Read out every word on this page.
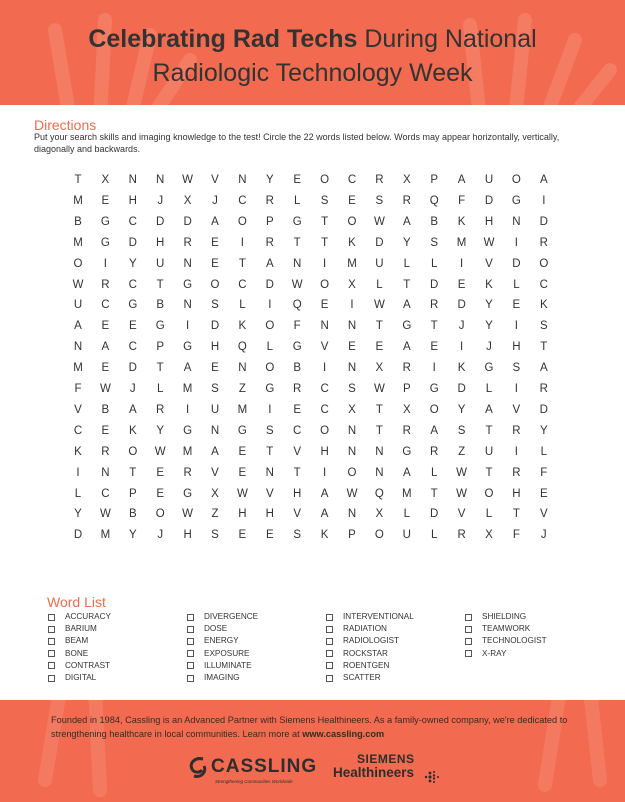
Celebrating Rad Techs During National
Radiologic Technology Week
Directions
Put your search skills and imaging knowledge to the test! Circle the 22 words listed below. Words may appear horizontally, vertically, diagonally and backwards.
T	X	N	N	W	V	N	Y	E	O	C	R	X	P	A	U	O	A
M	E	H	J	X	J	C	R	L	S	E	S	R	Q	F	D	G	I
B	G	C	D	D	A	O	P	G	T	O	W	A	B	K	H	N	D
M	G	D	H	R	E	I	R	T	T	K	D	Y	S	M	W	I	R
O	I	Y	U	N	E	T	A	N	I	M	U	L	L	I	V	D	O
W	R	C	T	G	O	C	D	W	O	X	L	T	D	E	K	L	C
U	C	G	B	N	S	L	I	Q	E	I	W	A	R	D	Y	E	K
A	E	E	G	I	D	K	O	F	N	N	T	G	T	J	Y	I	S
N	A	C	P	G	H	Q	L	G	V	E	E	A	E	I	J	H	T
M	E	D	T	A	E	N	O	B	I	N	X	R	I	K	G	S	A
F	W	J	L	M	S	Z	G	R	C	S	W	P	G	D	L	I	R
V	B	A	R	I	U	M	I	E	C	X	T	X	O	Y	A	V	D
C	E	K	Y	G	N	G	S	C	O	N	T	R	A	S	T	R	Y
K	R	O	W	M	A	E	T	V	H	N	N	G	R	Z	U	I	L
I	N	T	E	R	V	E	N	T	I	O	N	A	L	W	T	R	F
L	C	P	E	G	X	W	V	H	A	W	Q	M	T	W	O	H	E
Y	W	B	O	W	Z	H	H	V	A	N	X	L	D	V	L	T	V
D	M	Y	J	H	S	E	E	S	K	P	O	U	L	R	X	F	J
Word List
ACCURACY
BARIUM
BEAM
BONE
CONTRAST
DIGITAL
DIVERGENCE
DOSE
ENERGY
EXPOSURE
ILLUMINATE
IMAGING
INTERVENTIONAL
RADIATION
RADIOLOGIST
ROCKSTAR
ROENTGEN
SCATTER
SHIELDING
TEAMWORK
TECHNOLOGIST
X-RAY
Founded in 1984, Cassling is an Advanced Partner with Siemens Healthineers. As a family-owned company, we're dedicated to strengthening healthcare in local communities. Learn more at www.cassling.com
CASSLING
Strengthening Communities Worldwide
SIEMENS
Healthineers
